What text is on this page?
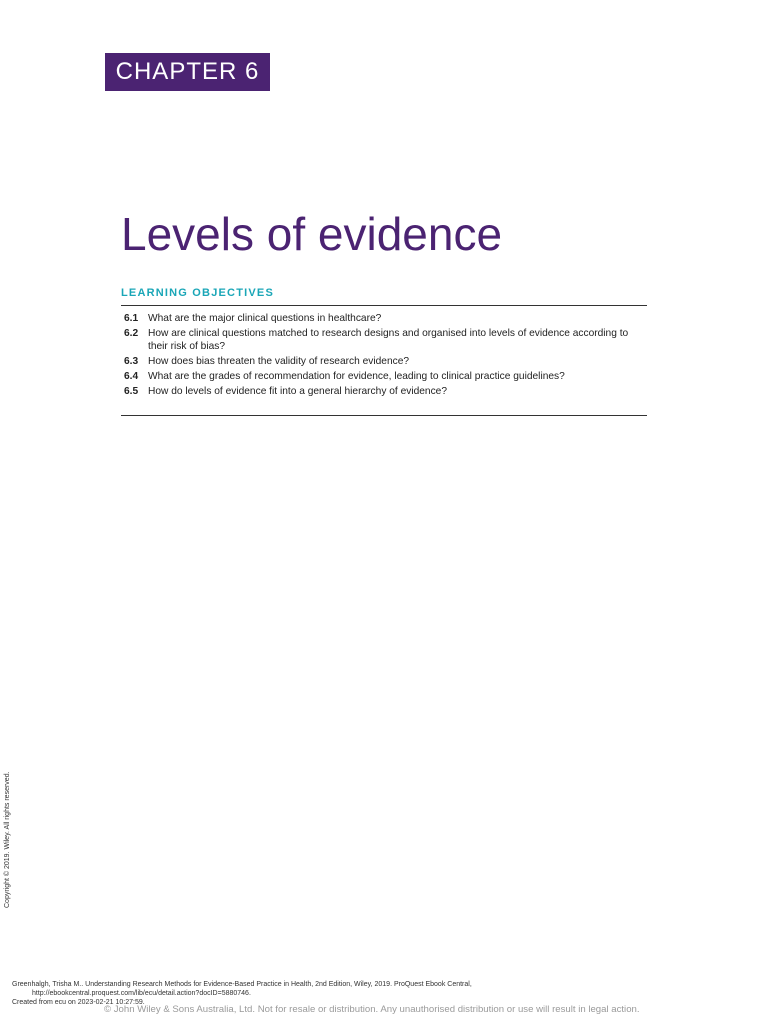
CHAPTER 6
Levels of evidence
LEARNING OBJECTIVES
6.1 What are the major clinical questions in healthcare?
6.2 How are clinical questions matched to research designs and organised into levels of evidence according to their risk of bias?
6.3 How does bias threaten the validity of research evidence?
6.4 What are the grades of recommendation for evidence, leading to clinical practice guidelines?
6.5 How do levels of evidence fit into a general hierarchy of evidence?
Copyright © 2019. Wiley. All rights reserved.
Greenhalgh, Trisha M.. Understanding Research Methods for Evidence-Based Practice in Health, 2nd Edition, Wiley, 2019. ProQuest Ebook Central,
http://ebookcentral.proquest.com/lib/ecu/detail.action?docID=5880746.
Created from ecu on 2023-02-21 10:27:59.
© John Wiley & Sons Australia, Ltd. Not for resale or distribution. Any unauthorised distribution or use will result in legal action.
